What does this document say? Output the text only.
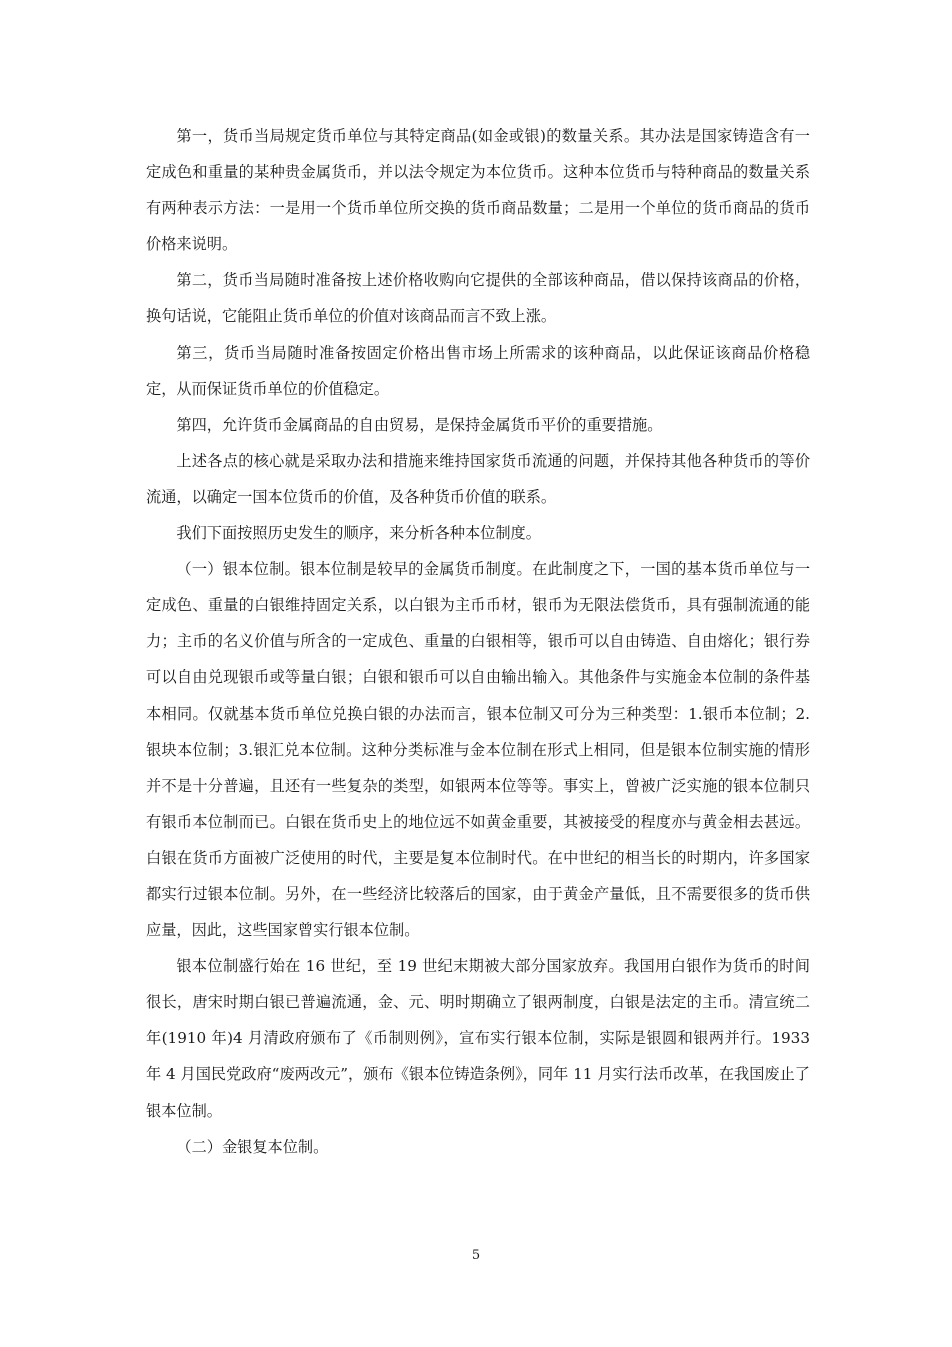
第一，货币当局规定货币单位与其特定商品(如金或银)的数量关系。其办法是国家铸造含有一定成色和重量的某种贵金属货币，并以法令规定为本位货币。这种本位货币与特种商品的数量关系有两种表示方法：一是用一个货币单位所交换的货币商品数量；二是用一个单位的货币商品的货币价格来说明。

第二，货币当局随时准备按上述价格收购向它提供的全部该种商品，借以保持该商品的价格，换句话说，它能阻止货币单位的价值对该商品而言不致上涨。

第三，货币当局随时准备按固定价格出售市场上所需求的该种商品，以此保证该商品价格稳定，从而保证货币单位的价值稳定。

第四，允许货币金属商品的自由贸易，是保持金属货币平价的重要措施。

上述各点的核心就是采取办法和措施来维持国家货币流通的问题，并保持其他各种货币的等价流通，以确定一国本位货币的价值，及各种货币价值的联系。

我们下面按照历史发生的顺序，来分析各种本位制度。

（一）银本位制。银本位制是较早的金属货币制度。在此制度之下，一国的基本货币单位与一定成色、重量的白银维持固定关系，以白银为主币币材，银币为无限法偿货币，具有强制流通的能力；主币的名义价值与所含的一定成色、重量的白银相等，银币可以自由铸造、自由熔化；银行券可以自由兑现银币或等量白银；白银和银币可以自由输出输入。其他条件与实施金本位制的条件基本相同。仅就基本货币单位兑换白银的办法而言，银本位制又可分为三种类型：1.银币本位制；2.银块本位制；3.银汇兑本位制。这种分类标准与金本位制在形式上相同，但是银本位制实施的情形并不是十分普遍，且还有一些复杂的类型，如银两本位等等。事实上，曾被广泛实施的银本位制只有银币本位制而已。白银在货币史上的地位远不如黄金重要，其被接受的程度亦与黄金相去甚远。白银在货币方面被广泛使用的时代，主要是复本位制时代。在中世纪的相当长的时期内，许多国家都实行过银本位制。另外，在一些经济比较落后的国家，由于黄金产量低，且不需要很多的货币供应量，因此，这些国家曾实行银本位制。

银本位制盛行始在 16 世纪，至 19 世纪末期被大部分国家放弃。我国用白银作为货币的时间很长，唐宋时期白银已普遍流通，金、元、明时期确立了银两制度，白银是法定的主币。清宣统二年(1910 年)4 月清政府颁布了《币制则例》，宣布实行银本位制，实际是银圆和银两并行。1933 年 4 月国民党政府“废两改元”，颁布《银本位铸造条例》，同年 11 月实行法币改革，在我国废止了银本位制。

（二）金银复本位制。

5
